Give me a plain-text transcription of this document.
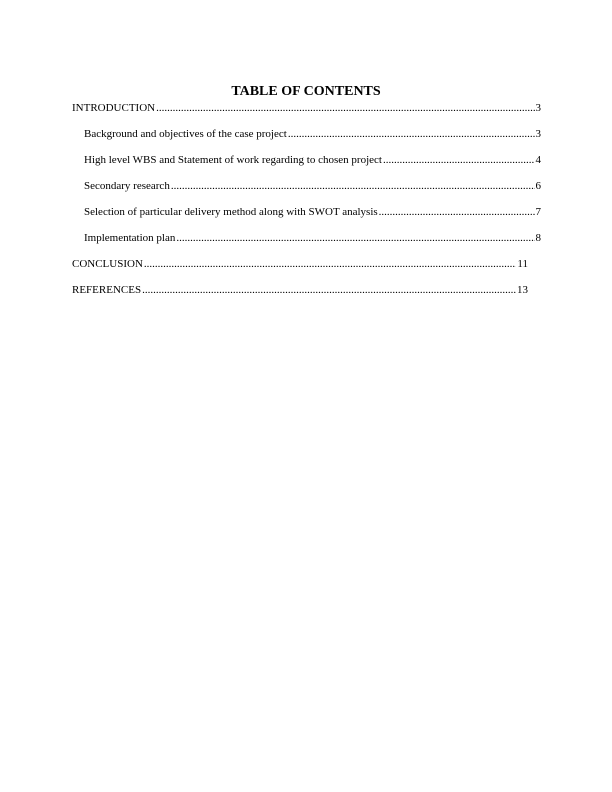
TABLE OF CONTENTS
INTRODUCTION .....	3
Background and objectives of the case project .....	3
High level WBS and Statement of work regarding to chosen project .....	4
Secondary research .....	6
Selection of particular delivery method along with SWOT analysis .....	7
Implementation plan .....	8
CONCLUSION .....	11
REFERENCES .....	13
